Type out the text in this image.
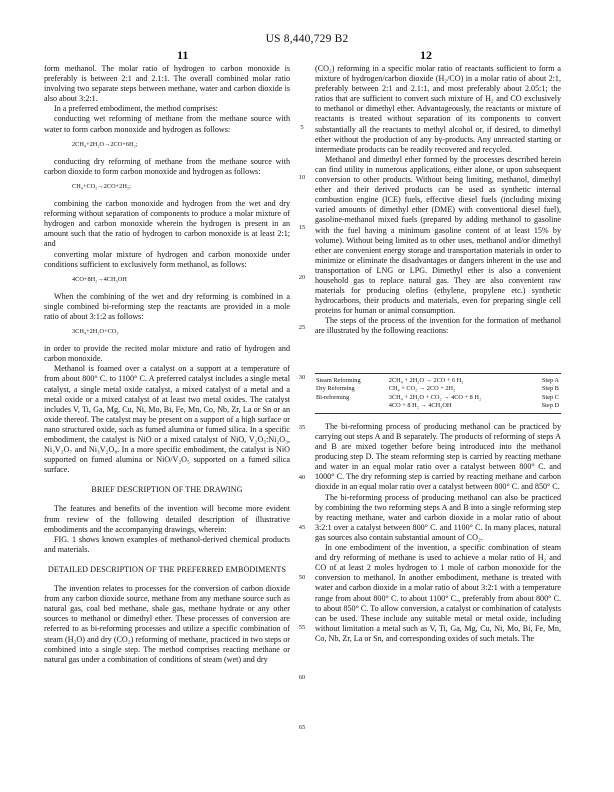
US 8,440,729 B2
11	12
5
10
15
20
25
30
35
40
45
50
55
60
65

form methanol. The molar ratio of hydrogen to carbon monoxide is preferably is between 2:1 and 2.1:1. The overall combined molar ratio involving two separate steps between methane, water and carbon dioxide is also about 3:2:1.

In a preferred embodiment, the method comprises:

conducting wet reforming of methane from the methane source with water to form carbon monoxide and hydrogen as follows:

2CH₄+2H₂O→2CO+6H₂;

conducting dry reforming of methane from the methane source with carbon dioxide to form carbon monoxide and hydrogen as follows:

CH₄+CO₂→2CO+2H₂;

combining the carbon monoxide and hydrogen from the wet and dry reforming without separation of components to produce a molar mixture of hydrogen and carbon monoxide wherein the hydrogen is present in an amount such that the ratio of hydrogen to carbon monoxide is at least 2:1; and

converting molar mixture of hydrogen and carbon monoxide under conditions sufficient to exclusively form methanol, as follows:

4CO+8H₂→4CH₃OH

When the combining of the wet and dry reforming is combined in a single combined bi-reforming step the reactants are provided in a mole ratio of about 3:1:2 as follows:

3CH₄+2H₂O+CO₂

in order to provide the recited molar mixture and ratio of hydrogen and carbon monoxide.

Methanol is foamed over a catalyst on a support at a temperature of from about 800° C. to 1100° C. A preferred catalyst includes a single metal catalyst, a single metal oxide catalyst, a mixed catalyst of a metal and a metal oxide or a mixed catalyst of at least two metal oxides. The catalyst includes V, Ti, Ga, Mg, Cu, Ni, Mo, Bi, Fe, Mn, Co, Nb, Zr, La or Sn or an oxide thereof. The catalyst may be present on a support of a high surface or nano structured oxide, such as fumed alumina or fumed silica. In a specific embodiment, the catalyst is NiO or a mixed catalyst of NiO, V₂O₅:Ni₂O₃, Ni₂V₂O₇ and Ni₃V₂O₈. In a more specific embodiment, the catalyst is NiO supported on fumed alumina or NiO/V₂O₅ supported on a fumed silica surface.

BRIEF DESCRIPTION OF THE DRAWING

The features and benefits of the invention will become more evident from review of the following detailed description of illustrative embodiments and the accompanying drawings, wherein:

FIG. 1 shows known examples of methanol-derived chemical products and materials.

DETAILED DESCRIPTION OF THE PREFERRED EMBODIMENTS

The invention relates to processes for the conversion of carbon dioxide from any carbon dioxide source, methane from any methane source such as natural gas, coal bed methane, shale gas, methane hydrate or any other sources to methanol or dimethyl ether. These processes of conversion are referred to as bi-reforming processes and utilize a specific combination of steam (H₂O) and dry (CO₂) reforming of methane, practiced in two steps or combined into a single step. The method comprises reacting methane or natural gas under a combination of conditions of steam (wet) and dry

(CO₂) reforming in a specific molar ratio of reactants sufficient to form a mixture of hydrogen/carbon dioxide (H₂/CO) in a molar ratio of about 2:1, preferably between 2:1 and 2.1:1, and most preferably about 2.05:1; the ratios that are sufficient to convert such mixture of H₂ and CO exclusively to methanol or dimethyl ether. Advantageously, the reactants or mixture of reactants is treated without separation of its components to convert substantially all the reactants to methyl alcohol or, if desired, to dimethyl ether without the production of any by-products. Any unreacted starting or intermediate products can be readily recovered and recycled.

Methanol and dimethyl ether formed by the processes described herein can find utility in numerous applications, either alone, or upon subsequent conversion to other products. Without being limiting, methanol, dimethyl ether and their derived products can be used as synthetic internal combustion engine (ICE) fuels, effective diesel fuels (including mixing varied amounts of dimethyl ether (DME) with conventional diesel fuel), gasoline-methanol mixed fuels (prepared by adding methanol to gasoline with the fuel having a minimum gasoline content of at least 15% by volume). Without being limited as to other uses, methanol and/or dimethyl ether are convenient energy storage and transportation materials in order to minimize or eliminate the disadvantages or dangers inherent in the use and transportation of LNG or LPG. Dimethyl ether is also a convenient household gas to replace natural gas. They are also convenient raw materials for producing olefins (ethylene, propylene etc.) synthetic hydrocarbons, their products and materials, even for preparing single cell proteins for human or animal consumption.

The steps of the process of the invention for the formation of methanol are illustrated by the following reactions:

Steam Reforming	2CH₄ + 2H₂O → 2CO + 6 H₂	Step A
Dry Reforming	CH₄ + CO₂ → 2CO + 2H₂	Step B
Bi-reforming	3CH₄ + 2H₂O + CO₂ → 4CO + 8 H₂	Step C
	4CO + 8 H₂ → 4CH₃OH	Step D

The bi-reforming process of producing methanol can be practiced by carrying out steps A and B separately. The products of reforming of steps A and B are mixed together before being introduced into the methanol producing step D. The steam reforming step is carried by reacting methane and water in an equal molar ratio over a catalyst between 800° C. and 1000° C. The dry reforming step is carried by reacting methane and carbon dioxide in an equal molar ratio over a catalyst between 800° C. and 850° C.

The bi-reforming process of producing methanol can also be practiced by combining the two reforming steps A and B into a single reforming step by reacting methane, water and carbon dioxide in a molar ratio of about 3:2:1 over a catalyst between 800° C. and 1100° C. In many places, natural gas sources also contain substantial amount of CO₂.

In one embodiment of the invention, a specific combination of steam and dry reforming of methane is used to achieve a molar ratio of H₂ and CO of at least 2 moles hydrogen to 1 mole of carbon monoxide for the conversion to methanol. In another embodiment, methane is treated with water and carbon dioxide in a molar ratio of about 3:2:1 with a temperature range from about 800° C. to about 1100° C., preferably from about 800° C. to about 850° C. To allow conversion, a catalyst or combination of catalysts can be used. These include any suitable metal or metal oxide, including without limitation a metal such as V, Ti, Ga, Mg, Cu, Ni, Mo, Bi, Fe, Mn, Co, Nb, Zr, La or Sn, and corresponding oxides of such metals. The
